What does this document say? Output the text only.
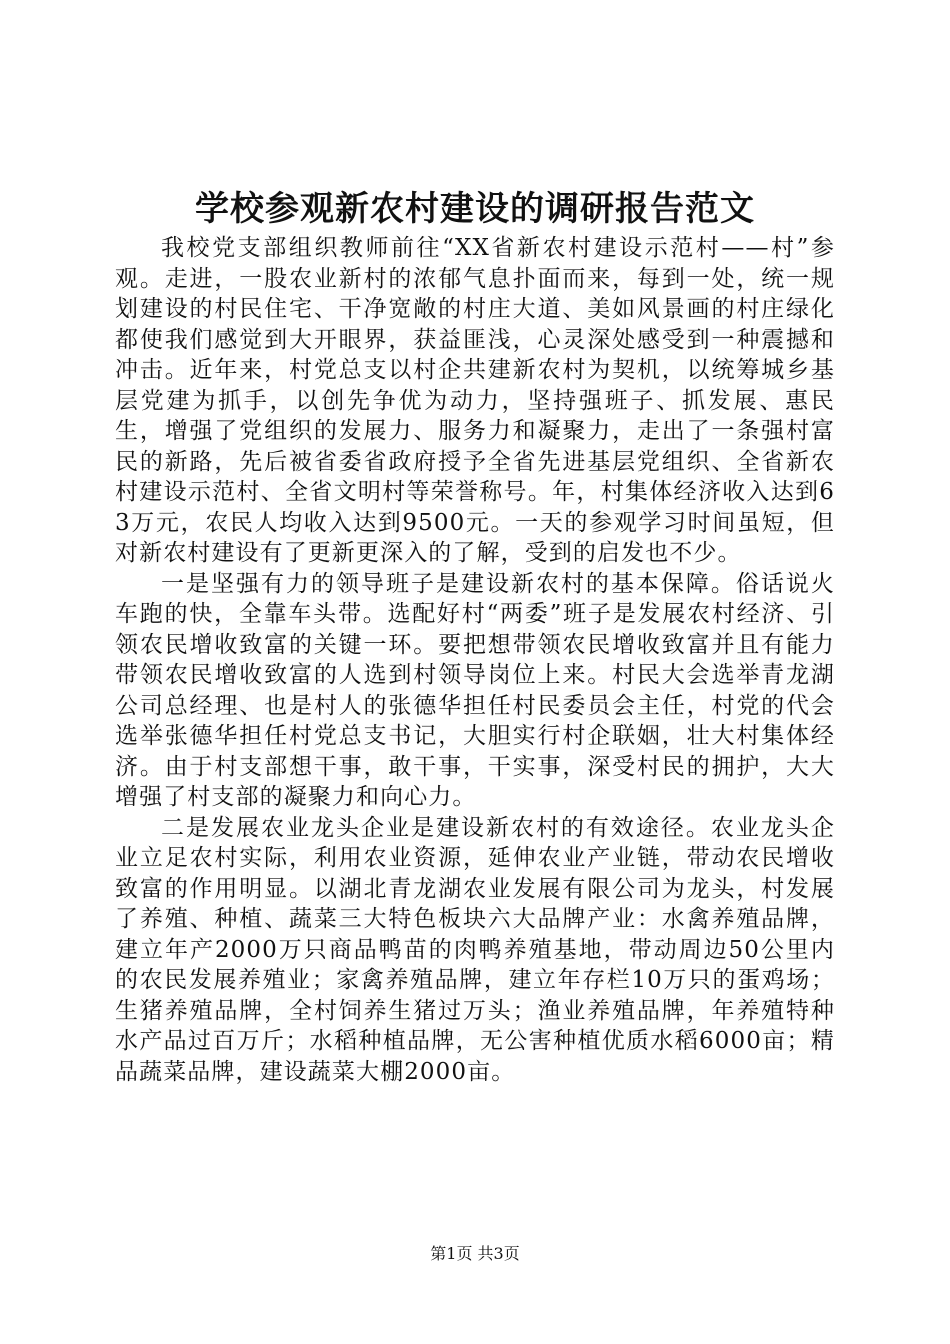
学校参观新农村建设的调研报告范文

我校党支部组织教师前往“XX省新农村建设示范村——村”参观。走进，一股农业新村的浓郁气息扑面而来，每到一处，统一规划建设的村民住宅、干净宽敞的村庄大道、美如风景画的村庄绿化都使我们感觉到大开眼界，获益匪浅，心灵深处感受到一种震撼和冲击。近年来，村党总支以村企共建新农村为契机，以统筹城乡基层党建为抓手，以创先争优为动力，坚持强班子、抓发展、惠民生，增强了党组织的发展力、服务力和凝聚力，走出了一条强村富民的新路，先后被省委省政府授予全省先进基层党组织、全省新农村建设示范村、全省文明村等荣誉称号。年，村集体经济收入达到63万元，农民人均收入达到9500元。一天的参观学习时间虽短，但对新农村建设有了更新更深入的了解，受到的启发也不少。

一是坚强有力的领导班子是建设新农村的基本保障。俗话说火车跑的快，全靠车头带。选配好村“两委”班子是发展农村经济、引领农民增收致富的关键一环。要把想带领农民增收致富并且有能力带领农民增收致富的人选到村领导岗位上来。村民大会选举青龙湖公司总经理、也是村人的张德华担任村民委员会主任，村党的代会选举张德华担任村党总支书记，大胆实行村企联姻，壮大村集体经济。由于村支部想干事，敢干事，干实事，深受村民的拥护，大大增强了村支部的凝聚力和向心力。

二是发展农业龙头企业是建设新农村的有效途径。农业龙头企业立足农村实际，利用农业资源，延伸农业产业链，带动农民增收致富的作用明显。以湖北青龙湖农业发展有限公司为龙头，村发展了养殖、种植、蔬菜三大特色板块六大品牌产业：水禽养殖品牌，建立年产2000万只商品鸭苗的肉鸭养殖基地，带动周边50公里内的农民发展养殖业；家禽养殖品牌，建立年存栏10万只的蛋鸡场；生猪养殖品牌，全村饲养生猪过万头；渔业养殖品牌，年养殖特种水产品过百万斤；水稻种植品牌，无公害种植优质水稻6000亩；精品蔬菜品牌，建设蔬菜大棚2000亩。

第1页 共3页
